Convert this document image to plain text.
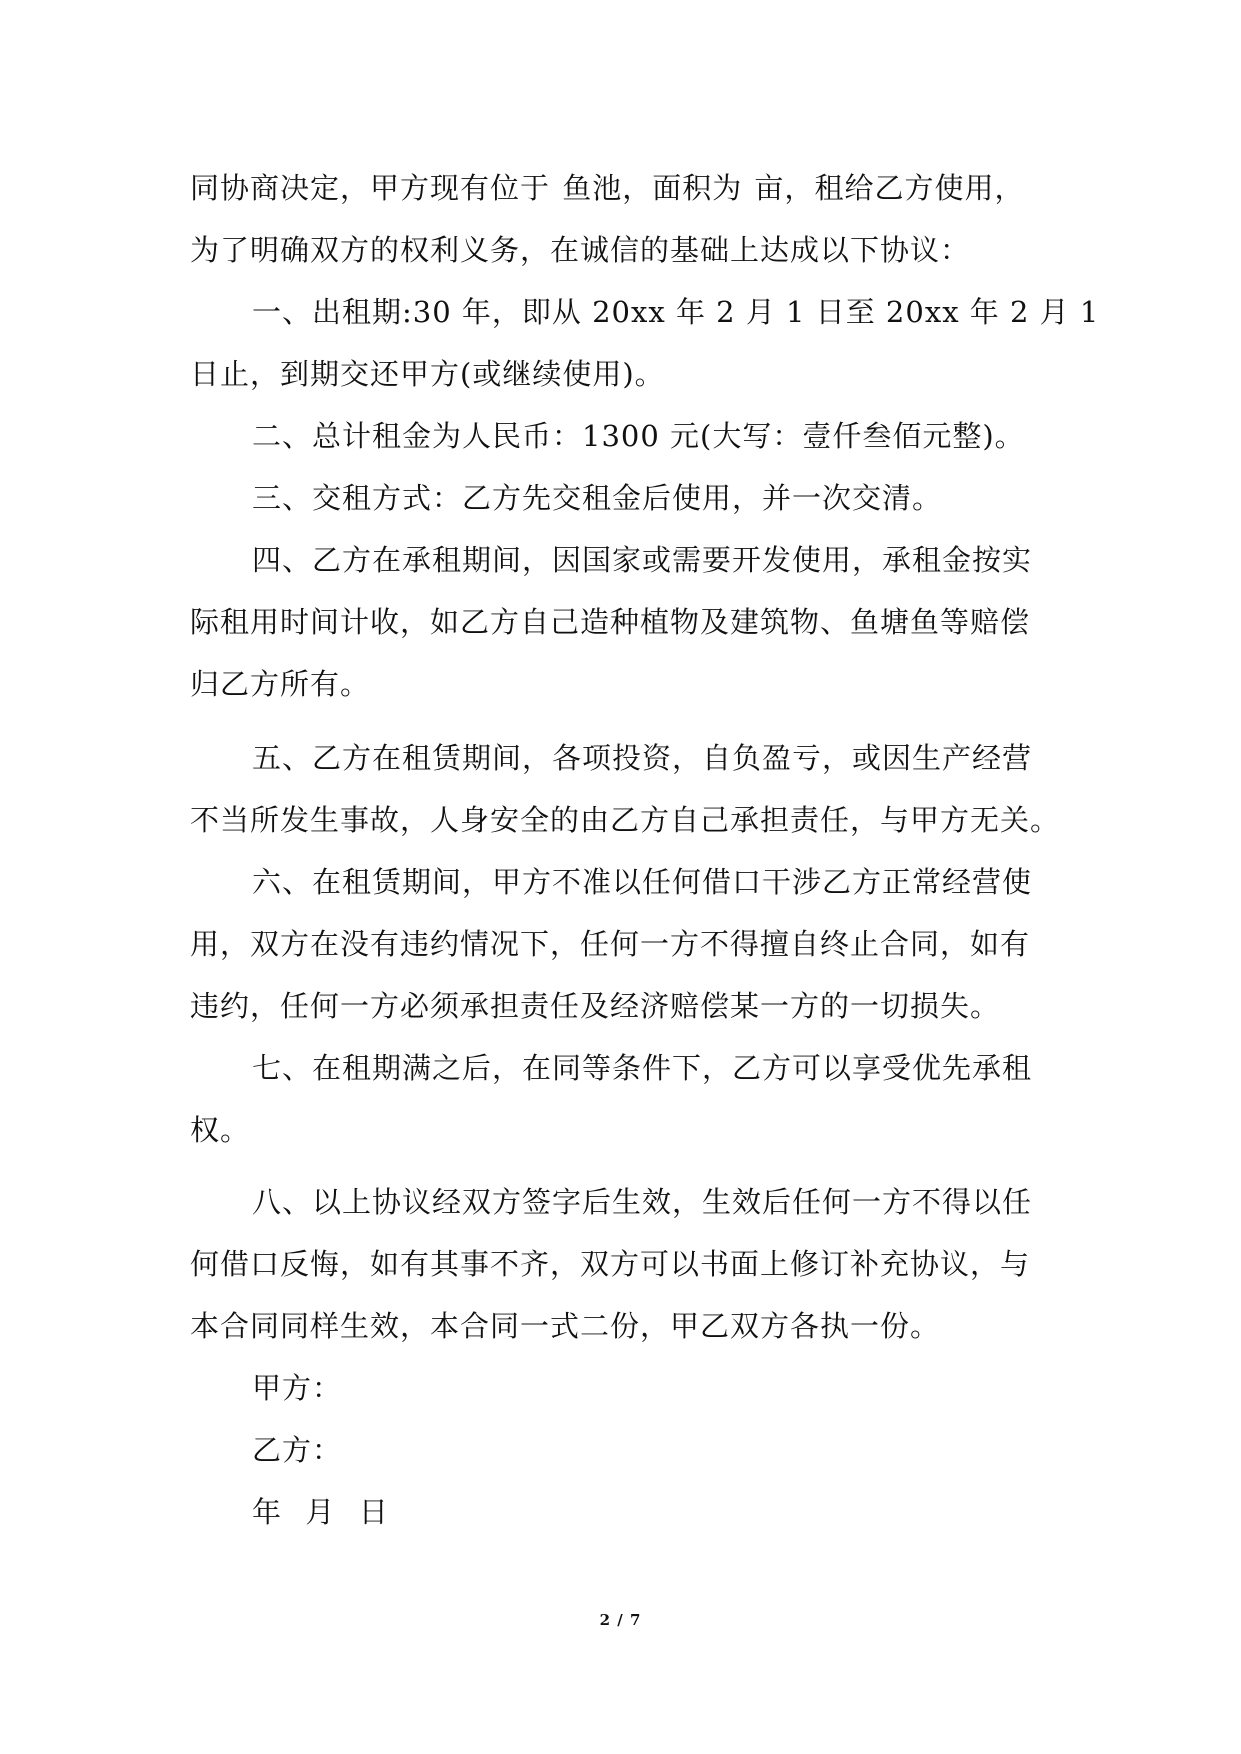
同协商决定，甲方现有位于 鱼池，面积为 亩，租给乙方使用，
为了明确双方的权利义务，在诚信的基础上达成以下协议：
一、出租期:30 年，即从 20xx 年 2 月 1 日至 20xx 年 2 月 1
日止，到期交还甲方(或继续使用)。
二、总计租金为人民币：1300 元(大写：壹仟叁佰元整)。
三、交租方式：乙方先交租金后使用，并一次交清。
四、乙方在承租期间，因国家或需要开发使用，承租金按实
际租用时间计收，如乙方自己造种植物及建筑物、鱼塘鱼等赔偿
归乙方所有。
五、乙方在租赁期间，各项投资，自负盈亏，或因生产经营
不当所发生事故，人身安全的由乙方自己承担责任，与甲方无关。
六、在租赁期间，甲方不准以任何借口干涉乙方正常经营使
用，双方在没有违约情况下，任何一方不得擅自终止合同，如有
违约，任何一方必须承担责任及经济赔偿某一方的一切损失。
七、在租期满之后，在同等条件下，乙方可以享受优先承租
权。
八、以上协议经双方签字后生效，生效后任何一方不得以任
何借口反悔，如有其事不齐，双方可以书面上修订补充协议，与
本合同同样生效，本合同一式二份，甲乙双方各执一份。
甲方：
乙方：
年  月  日
2 / 7
